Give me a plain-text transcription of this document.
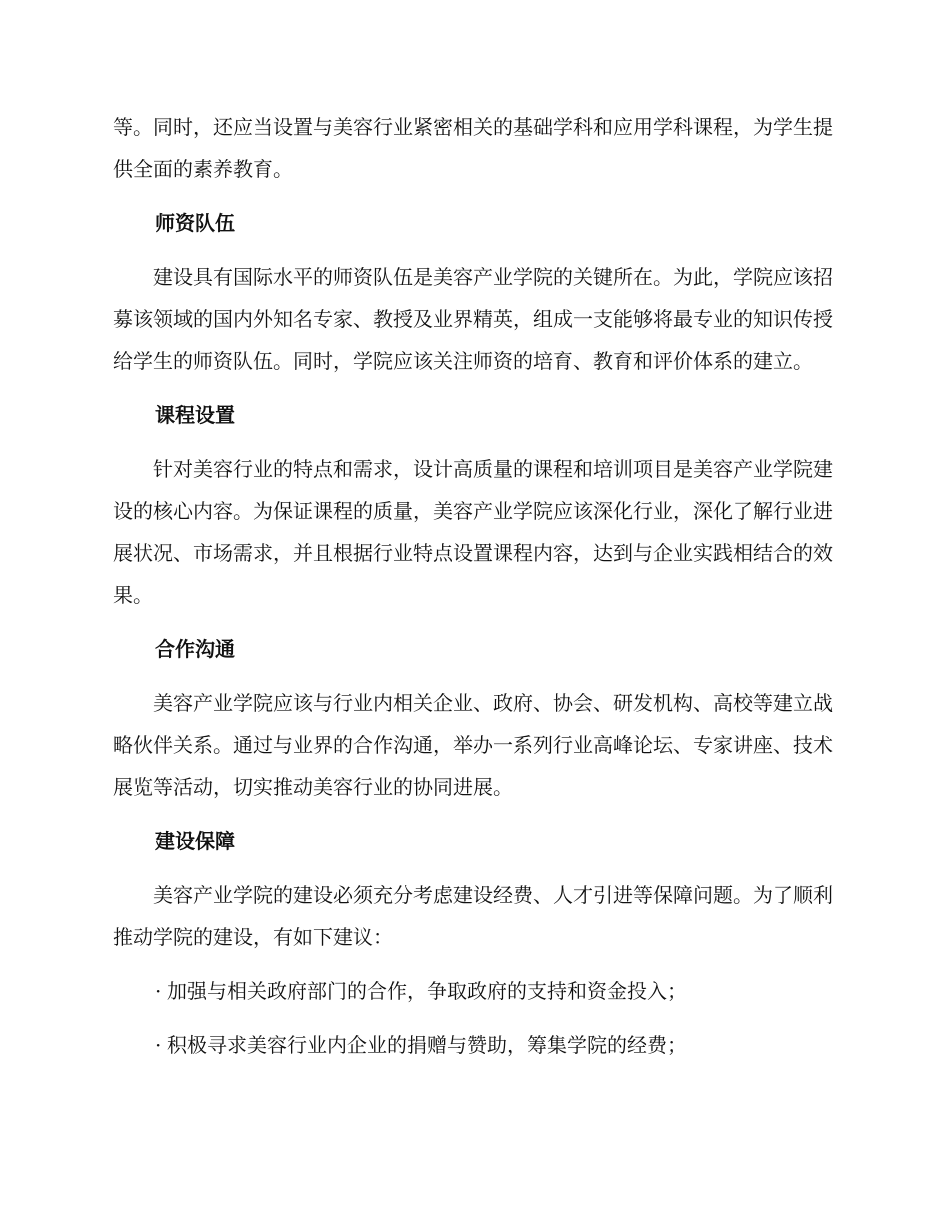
等。同时，还应当设置与美容行业紧密相关的基础学科和应用学科课程，为学生提供全面的素养教育。

师资队伍

建设具有国际水平的师资队伍是美容产业学院的关键所在。为此，学院应该招募该领域的国内外知名专家、教授及业界精英，组成一支能够将最专业的知识传授给学生的师资队伍。同时，学院应该关注师资的培育、教育和评价体系的建立。

课程设置

针对美容行业的特点和需求，设计高质量的课程和培训项目是美容产业学院建设的核心内容。为保证课程的质量，美容产业学院应该深化行业，深化了解行业进展状况、市场需求，并且根据行业特点设置课程内容，达到与企业实践相结合的效果。

合作沟通

美容产业学院应该与行业内相关企业、政府、协会、研发机构、高校等建立战略伙伴关系。通过与业界的合作沟通，举办一系列行业高峰论坛、专家讲座、技术展览等活动，切实推动美容行业的协同进展。

建设保障

美容产业学院的建设必须充分考虑建设经费、人才引进等保障问题。为了顺利推动学院的建设，有如下建议：

· 加强与相关政府部门的合作，争取政府的支持和资金投入；

· 积极寻求美容行业内企业的捐赠与赞助，筹集学院的经费；
